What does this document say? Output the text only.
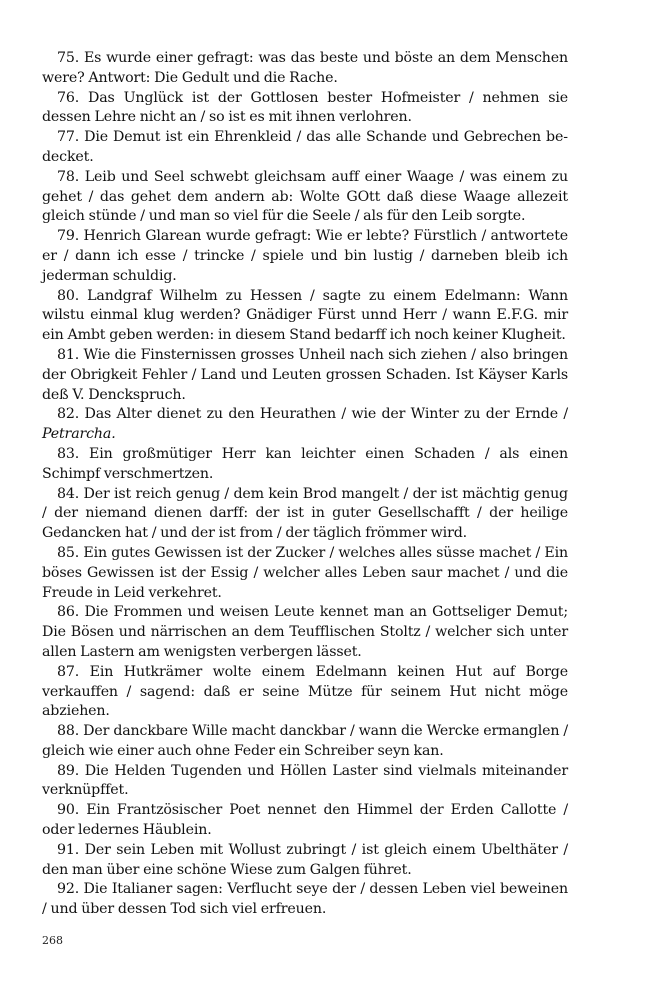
75. Es wurde einer gefragt: was das beste und böste an dem Menschen were? Antwort: Die Gedult und die Rache.

76. Das Unglück ist der Gottlosen bester Hofmeister / nehmen sie dessen Lehre nicht an / so ist es mit ihnen verlohren.

77. Die Demut ist ein Ehrenkleid / das alle Schande und Gebrechen bedecket.

78. Leib und Seel schwebt gleichsam auff einer Waage / was einem zu gehet / das gehet dem andern ab: Wolte GOtt daß diese Waage allezeit gleich stünde / und man so viel für die Seele / als für den Leib sorgte.

79. Henrich Glarean wurde gefragt: Wie er lebte? Fürstlich / antwortete er / dann ich esse / trincke / spiele und bin lustig / darneben bleib ich jederman schuldig.

80. Landgraf Wilhelm zu Hessen / sagte zu einem Edelmann: Wann wilstu einmal klug werden? Gnädiger Fürst unnd Herr / wann E.F.G. mir ein Ambt geben werden: in diesem Stand bedarff ich noch keiner Klugheit.

81. Wie die Finsternissen grosses Unheil nach sich ziehen / also bringen der Obrigkeit Fehler / Land und Leuten grossen Schaden. Ist Käyser Karls deß V. Denckspruch.

82. Das Alter dienet zu den Heurathen / wie der Winter zu der Ernde / Petrarcha.

83. Ein großmütiger Herr kan leichter einen Schaden / als einen Schimpf verschmertzen.

84. Der ist reich genug / dem kein Brod mangelt / der ist mächtig genug / der niemand dienen darff: der ist in guter Gesellschafft / der heilige Gedancken hat / und der ist from / der täglich frömmer wird.

85. Ein gutes Gewissen ist der Zucker / welches alles süsse machet / Ein böses Gewissen ist der Essig / welcher alles Leben saur machet / und die Freude in Leid verkehret.

86. Die Frommen und weisen Leute kennet man an Gottseliger Demut; Die Bösen und närrischen an dem Teufflischen Stoltz / welcher sich unter allen Lastern am wenigsten verbergen lässet.

87. Ein Hutkrämer wolte einem Edelmann keinen Hut auf Borge verkauffen / sagend: daß er seine Mütze für seinem Hut nicht möge abziehen.

88. Der danckbare Wille macht danckbar / wann die Wercke ermanglen / gleich wie einer auch ohne Feder ein Schreiber seyn kan.

89. Die Helden Tugenden und Höllen Laster sind vielmals miteinander verknüpffet.

90. Ein Frantzösischer Poet nennet den Himmel der Erden Callotte / oder ledernes Häublein.

91. Der sein Leben mit Wollust zubringt / ist gleich einem Ubelthäter / den man über eine schöne Wiese zum Galgen führet.

92. Die Italianer sagen: Verflucht seye der / dessen Leben viel beweinen / und über dessen Tod sich viel erfreuen.

268
